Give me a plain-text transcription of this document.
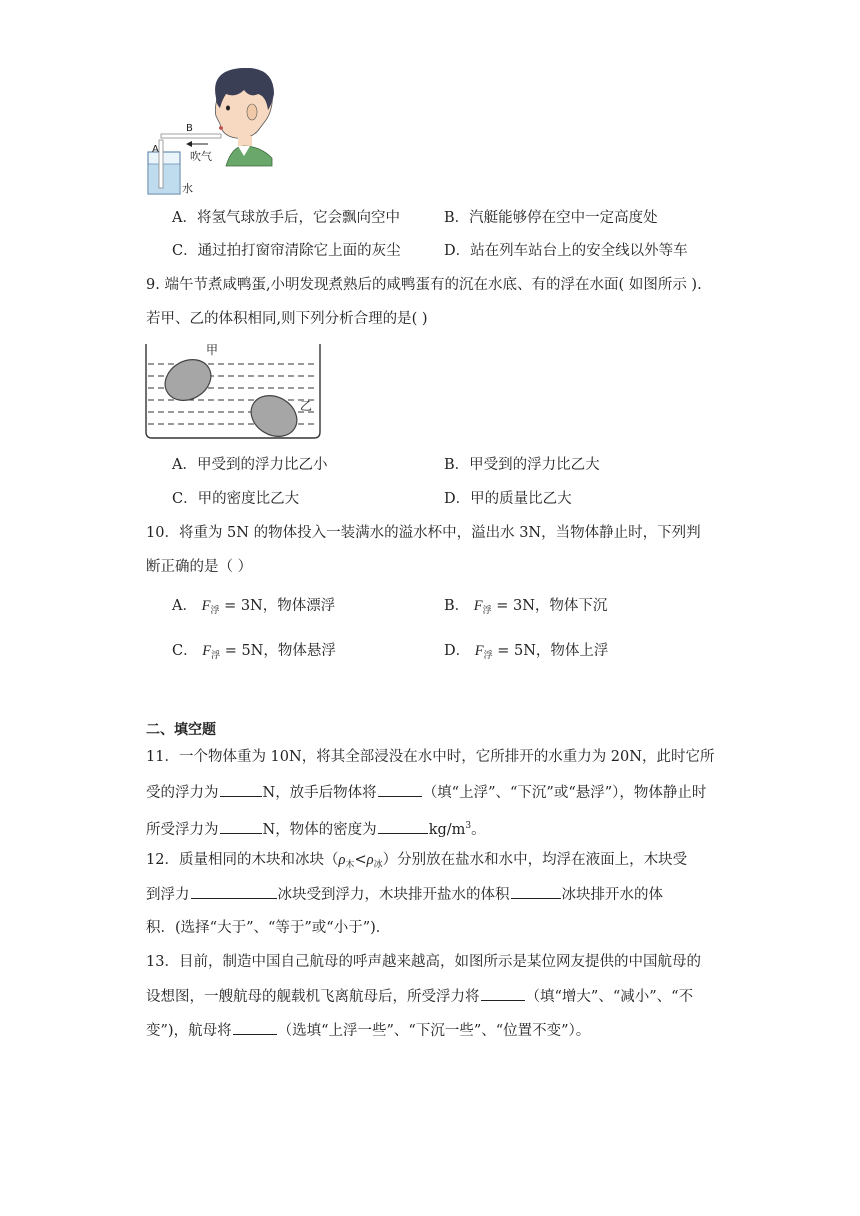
A
B
吹气
水
A．将氢气球放手后，它会飘向空中	B．汽艇能够停在空中一定高度处
C．通过拍打窗帘清除它上面的灰尘	D．站在列车站台上的安全线以外等车
9. 端午节煮咸鸭蛋,小明发现煮熟后的咸鸭蛋有的沉在水底、有的浮在水面( 如图所示 ).
若甲、乙的体积相同,则下列分析合理的是( )
甲
乙
A．甲受到的浮力比乙小	B．甲受到的浮力比乙大
C．甲的密度比乙大	D．甲的质量比乙大
10．将重为 5N 的物体投入一装满水的溢水杯中，溢出水 3N，当物体静止时，下列判
断正确的是（ ）
A． $F_浮 = 3N$，物体漂浮	B． $F_浮 = 3N$，物体下沉
C． $F_浮 = 5N$，物体悬浮	D． $F_浮 = 5N$，物体上浮
二、填空题
11．一个物体重为 10N，将其全部浸没在水中时，它所排开的水重力为 20N，此时它所
受的浮力为	N，放手后物体将	（填“上浮”、“下沉”或“悬浮”），物体静止时
所受浮力为	N，物体的密度为	$kg/m^3$。
12．质量相同的木块和冰块$(\rho_木<\rho_冰)$分别放在盐水和水中，均浮在液面上，木块受
到浮力	冰块受到浮力，木块排开盐水的体积	冰块排开水的体
积．(选择“大于”、“等于”或“小于”)．
13．目前，制造中国自己航母的呼声越来越高，如图所示是某位网友提供的中国航母的
设想图，一艘航母的舰载机飞离航母后，所受浮力将	（填“增大”、“减小”、“不
变”)，航母将	（选填“上浮一些”、“下沉一些”、“位置不变”）。
